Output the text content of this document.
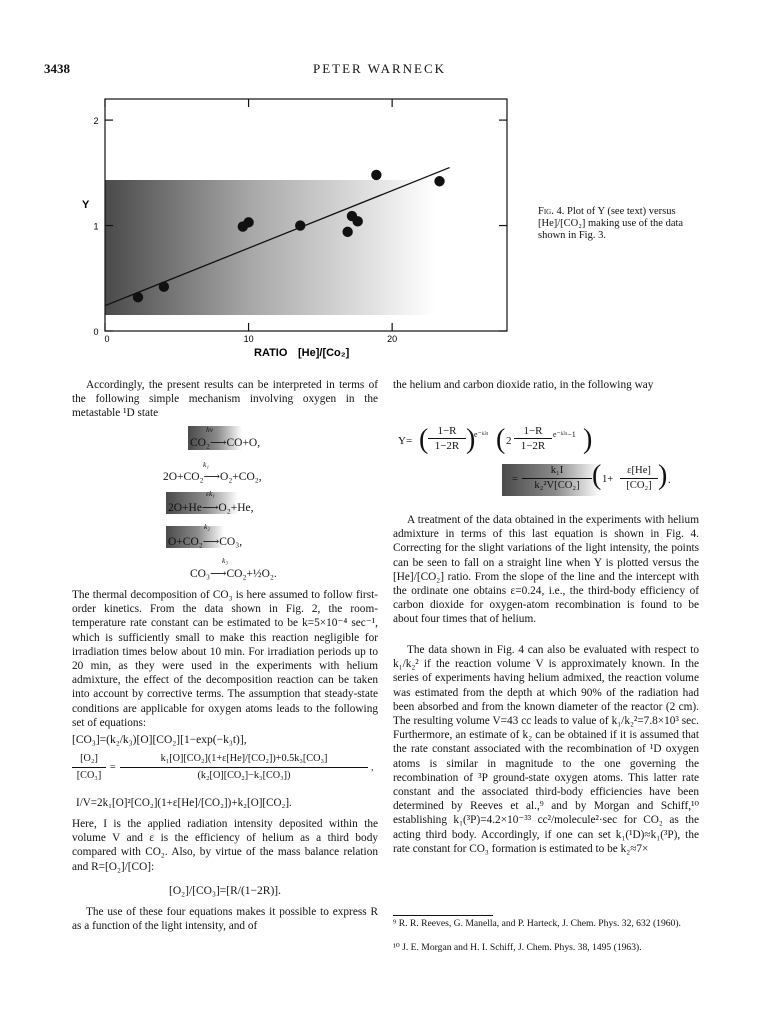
3438	PETER WARNECK
0
1
2
0	10	20
Y
RATIO [He]/[Co₂]
Fig. 4. Plot of Y (see text) versus [He]/[CO₂] making use of the data shown in Fig. 3.

Accordingly, the present results can be interpreted in terms of the following simple mechanism involving oxygen in the metastable ¹D state

hν
CO₂⟶CO+O,
k₁
2O+CO₂⟶O₂+CO₂,
εk₁
2O+He⟶O₂+He,
k₂
O+CO₂⟶CO₃,
k₃
CO₃⟶CO₂+½O₂.

The thermal decomposition of CO₃ is here assumed to follow first-order kinetics. From the data shown in Fig. 2, the room-temperature rate constant can be estimated to be k=5×10⁻⁴ sec⁻¹, which is sufficiently small to make this reaction negligible for irradiation times below about 10 min. For irradiation periods up to 20 min, as they were used in the experiments with helium admixture, the effect of the decomposition reaction can be taken into account by corrective terms. The assumption that steady-state conditions are applicable for oxygen atoms leads to the following set of equations:

[CO₃]=(k₂/k₃)[O][CO₂][1−exp(−k₃t)],
[O₂]
[CO₃]
=
k₁[O][CO₂](1+ε[He]/[CO₂])+0.5k₃[CO₃]
(k₂[O][CO₂]−k₃[CO₃])
,
I/V=2k₁[O]²[CO₂](1+ε[He]/[CO₂])+k₂[O][CO₂].

Here, I is the applied radiation intensity deposited within the volume V and ε is the efficiency of helium as a third body compared with CO₂. Also, by virtue of the mass balance relation and R=[O₂]/[CO]:

[O₂]/[CO₃]=[R/(1−2R)].

The use of these four equations makes it possible to express R as a function of the light intensity, and of

the helium and carbon dioxide ratio, in the following way

Y= ( 1−R
1−2R )
e⁻ᵏ³ᵗ ( 2
1−R
1−2R
e⁻ᵏ³ᵗ−1 )
=
k₁I
k₂²V[CO₂] ( 1+
ε[He]
[CO₂] ) .

A treatment of the data obtained in the experiments with helium admixture in terms of this last equation is shown in Fig. 4. Correcting for the slight variations of the light intensity, the points can be seen to fall on a straight line when Y is plotted versus the [He]/[CO₂] ratio. From the slope of the line and the intercept with the ordinate one obtains ε=0.24, i.e., the third-body efficiency of carbon dioxide for oxygen-atom recombination is found to be about four times that of helium.

The data shown in Fig. 4 can also be evaluated with respect to k₁/k₂² if the reaction volume V is approximately known. In the series of experiments having helium admixed, the reaction volume was estimated from the depth at which 90% of the radiation had been absorbed and from the known diameter of the reactor (2 cm). The resulting volume V=43 cc leads to value of k₁/k₂²=7.8×10³ sec. Furthermore, an estimate of k₂ can be obtained if it is assumed that the rate constant associated with the recombination of ¹D oxygen atoms is similar in magnitude to the one governing the recombination of ³P ground-state oxygen atoms. This latter rate constant and the associated third-body efficiencies have been determined by Reeves et al.,⁹ and by Morgan and Schiff,¹⁰ establishing k₁(³P)=4.2×10⁻³³ cc²/molecule²·sec for CO₂ as the acting third body. Accordingly, if one can set k₁(¹D)≈k₁(³P), the rate constant for CO₃ formation is estimated to be k₂≈7×

⁹ R. R. Reeves, G. Manella, and P. Harteck, J. Chem. Phys. 32, 632 (1960).
¹⁰ J. E. Morgan and H. I. Schiff, J. Chem. Phys. 38, 1495 (1963).
